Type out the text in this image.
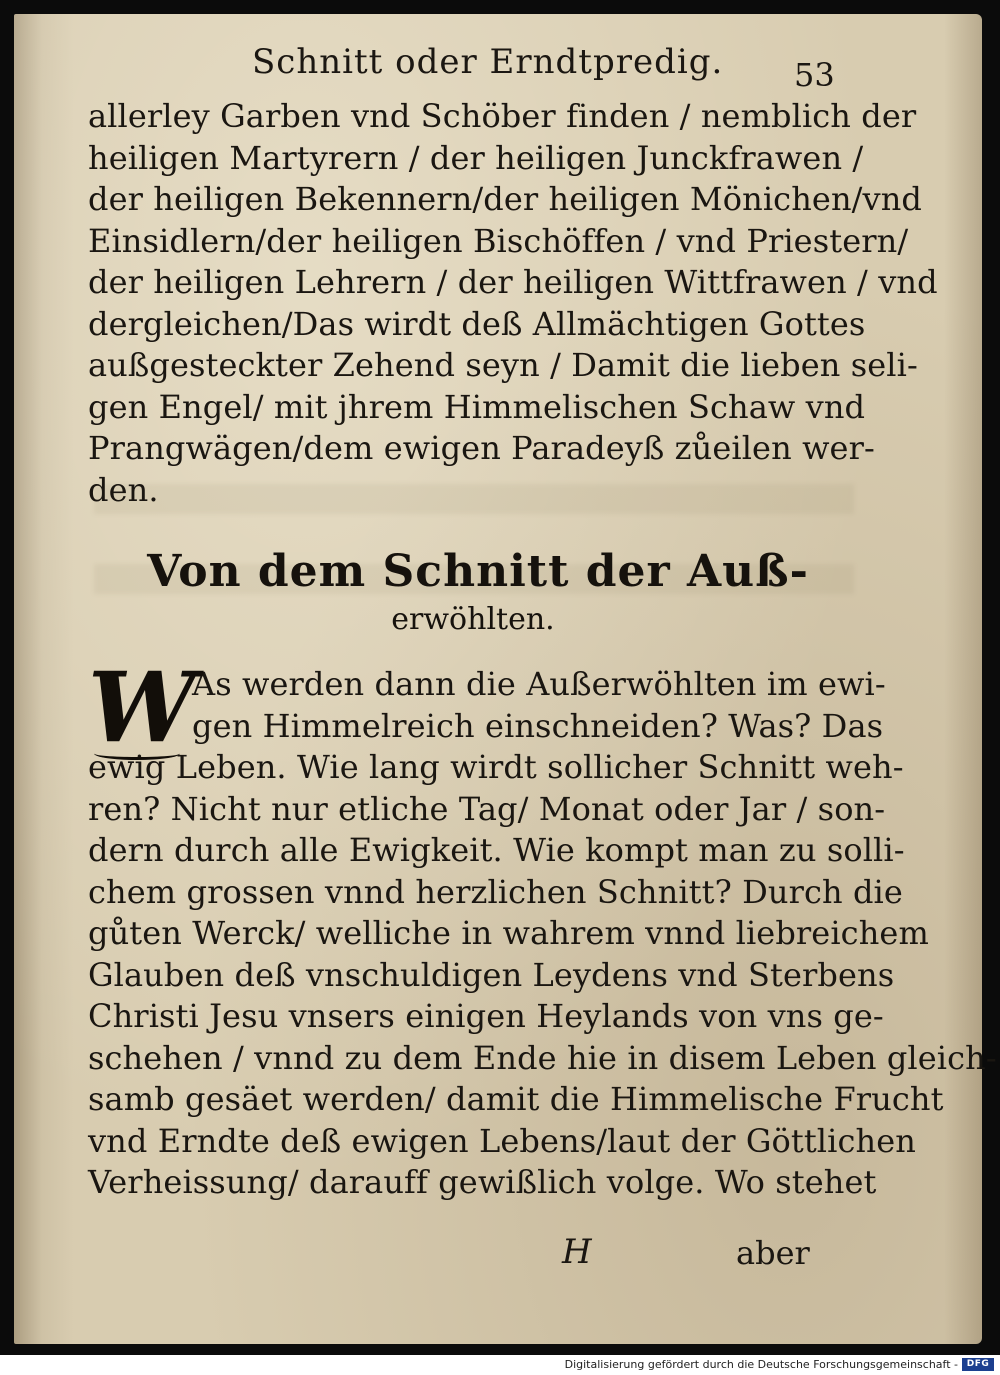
Schnitt oder Erndtpredig. 53
allerley Garben vnd Schöber finden / nemblich der
heiligen Martyrern / der heiligen Junckfrawen /
der heiligen Bekennern/der heiligen Mönichen/vnd
Einsidlern/der heiligen Bischöffen / vnd Priestern/
der heiligen Lehrern / der heiligen Wittfrawen / vnd
dergleichen/Das wirdt deß Allmächtigen Gottes
außgesteckter Zehend seyn / Damit die lieben seli-
gen Engel/ mit jhrem Himmelischen Schaw vnd
Prangwägen/dem ewigen Paradeyß zůeilen wer-
den.
Von dem Schnitt der Auß-
erwöhlten.
W
As werden dann die Außerwöhlten im ewi-
gen Himmelreich einschneiden? Was? Das
ewig Leben. Wie lang wirdt sollicher Schnitt weh-
ren? Nicht nur etliche Tag/ Monat oder Jar / son-
dern durch alle Ewigkeit. Wie kompt man zu solli-
chem grossen vnnd herzlichen Schnitt? Durch die
gůten Werck/ welliche in wahrem vnnd liebreichem
Glauben deß vnschuldigen Leydens vnd Sterbens
Christi Jesu vnsers einigen Heylands von vns ge-
schehen / vnnd zu dem Ende hie in disem Leben gleich-
samb gesäet werden/ damit die Himmelische Frucht
vnd Erndte deß ewigen Lebens/laut der Göttlichen
Verheissung/ darauff gewißlich volge. Wo stehet
H	aber
Digitalisierung gefördert durch die Deutsche Forschungsgemeinschaft - DFG
